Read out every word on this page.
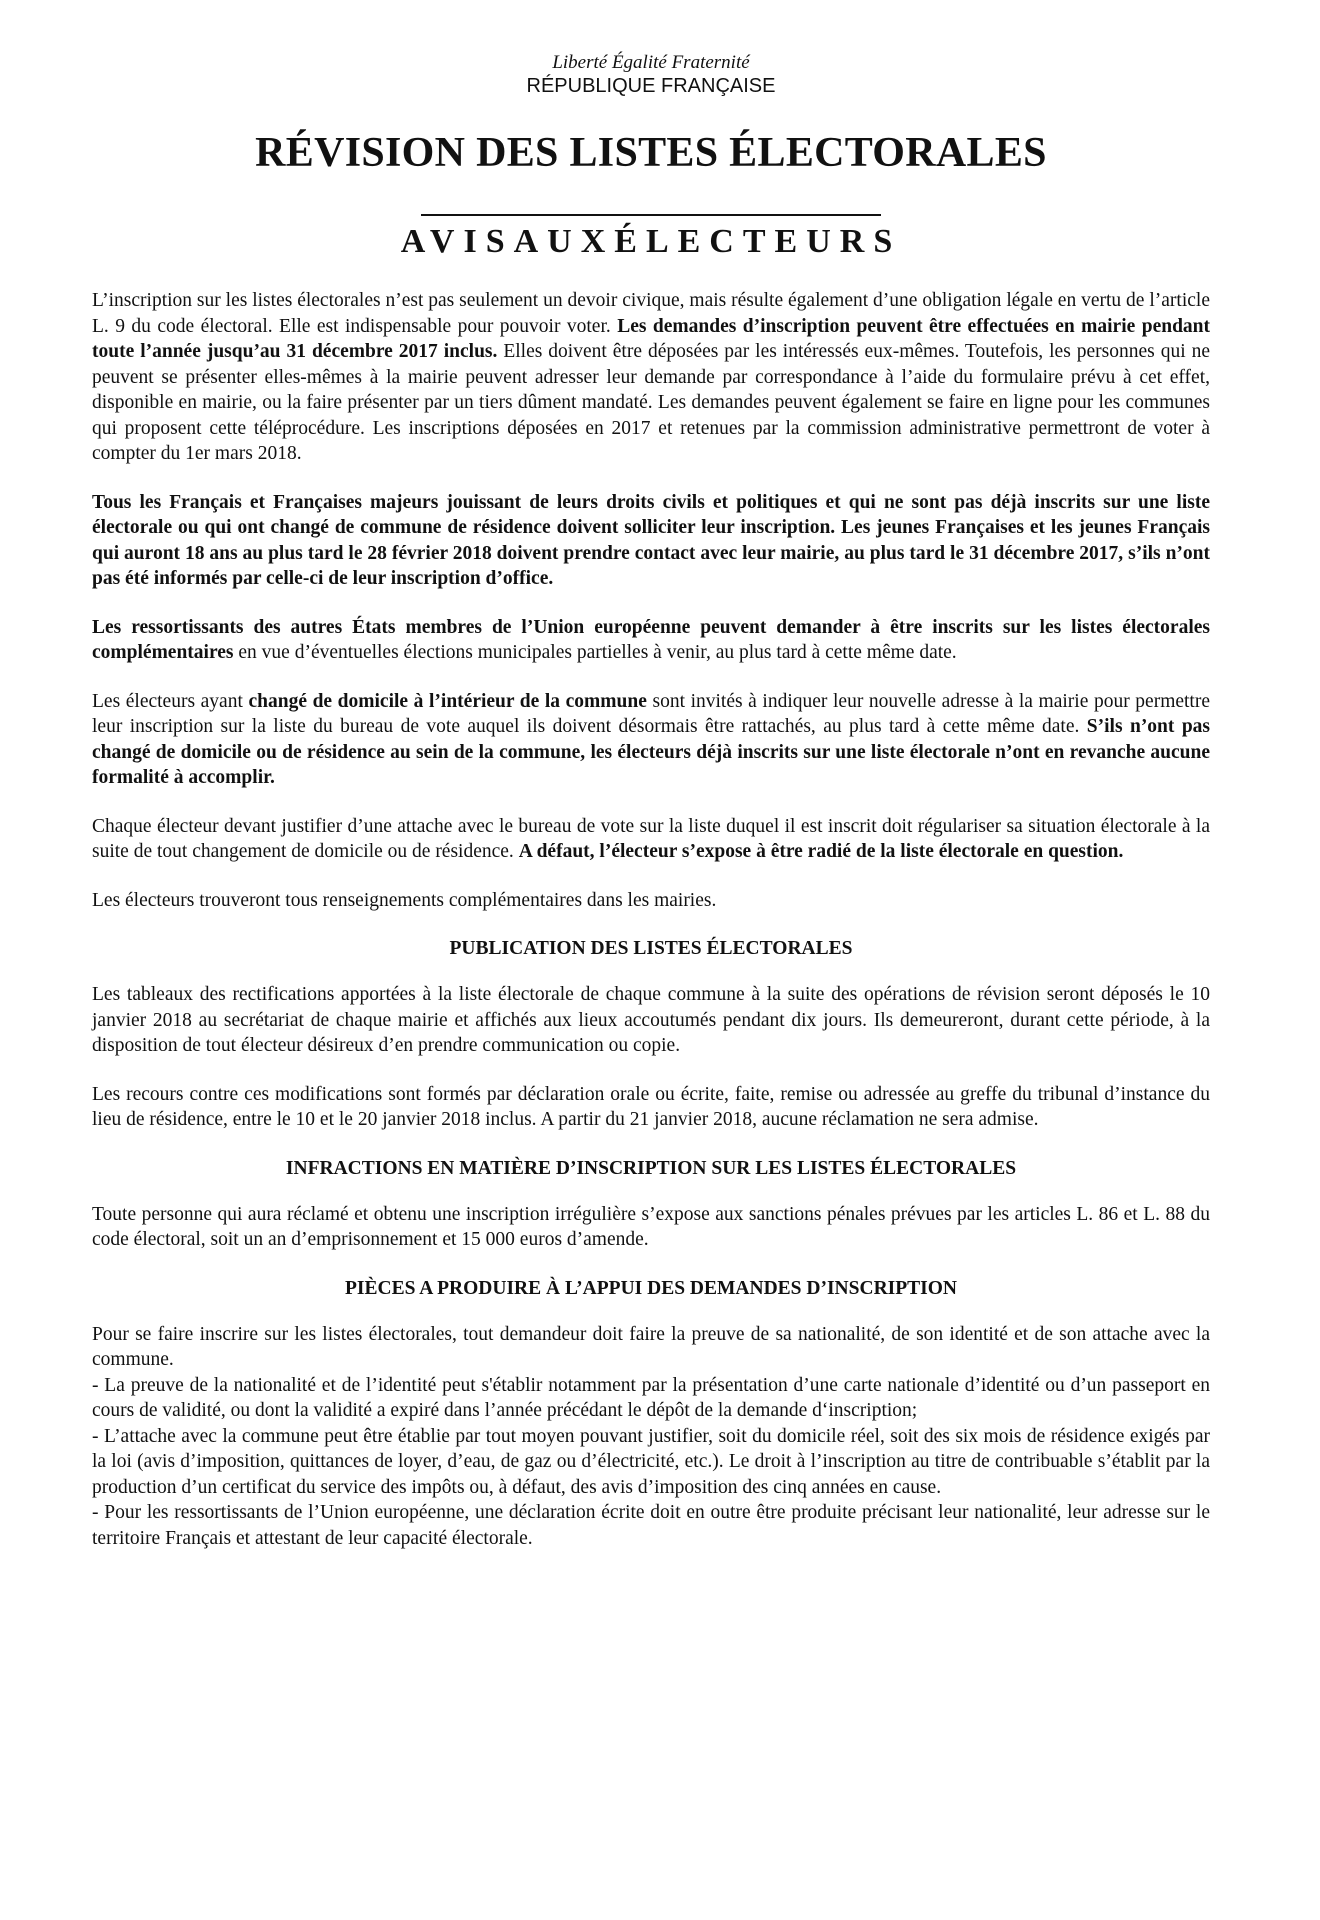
Liberté Égalité Fraternité

RÉPUBLIQUE FRANÇAISE

RÉVISION DES LISTES ÉLECTORALES
AVISAUXÉLECTEURS

L’inscription sur les listes électorales n’est pas seulement un devoir civique, mais résulte également d’une obligation légale en vertu de l’article L. 9 du code électoral. Elle est indispensable pour pouvoir voter. Les demandes d’inscription peuvent être effectuées en mairie pendant toute l’année jusqu’au 31 décembre 2017 inclus. Elles doivent être déposées par les intéressés eux-mêmes. Toutefois, les personnes qui ne peuvent se présenter elles-mêmes à la mairie peuvent adresser leur demande par correspondance à l’aide du formulaire prévu à cet effet, disponible en mairie, ou la faire présenter par un tiers dûment mandaté. Les demandes peuvent également se faire en ligne pour les communes qui proposent cette téléprocédure. Les inscriptions déposées en 2017 et retenues par la commission administrative permettront de voter à compter du 1er mars 2018.

Tous les Français et Françaises majeurs jouissant de leurs droits civils et politiques et qui ne sont pas déjà inscrits sur une liste électorale ou qui ont changé de commune de résidence doivent solliciter leur inscription. Les jeunes Françaises et les jeunes Français qui auront 18 ans au plus tard le 28 février 2018 doivent prendre contact avec leur mairie, au plus tard le 31 décembre 2017, s’ils n’ont pas été informés par celle-ci de leur inscription d’office.

Les ressortissants des autres États membres de l’Union européenne peuvent demander à être inscrits sur les listes électorales complémentaires en vue d’éventuelles élections municipales partielles à venir, au plus tard à cette même date.

Les électeurs ayant changé de domicile à l’intérieur de la commune sont invités à indiquer leur nouvelle adresse à la mairie pour permettre leur inscription sur la liste du bureau de vote auquel ils doivent désormais être rattachés, au plus tard à cette même date. S’ils n’ont pas changé de domicile ou de résidence au sein de la commune, les électeurs déjà inscrits sur une liste électorale n’ont en revanche aucune formalité à accomplir.

Chaque électeur devant justifier d’une attache avec le bureau de vote sur la liste duquel il est inscrit doit régulariser sa situation électorale à la suite de tout changement de domicile ou de résidence. A défaut, l’électeur s’expose à être radié de la liste électorale en question.

Les électeurs trouveront tous renseignements complémentaires dans les mairies.

PUBLICATION DES LISTES ÉLECTORALES

Les tableaux des rectifications apportées à la liste électorale de chaque commune à la suite des opérations de révision seront déposés le 10 janvier 2018 au secrétariat de chaque mairie et affichés aux lieux accoutumés pendant dix jours. Ils demeureront, durant cette période, à la disposition de tout électeur désireux d’en prendre communication ou copie.

Les recours contre ces modifications sont formés par déclaration orale ou écrite, faite, remise ou adressée au greffe du tribunal d’instance du lieu de résidence, entre le 10 et le 20 janvier 2018 inclus. A partir du 21 janvier 2018, aucune réclamation ne sera admise.

INFRACTIONS EN MATIÈRE D’INSCRIPTION SUR LES LISTES ÉLECTORALES

Toute personne qui aura réclamé et obtenu une inscription irrégulière s’expose aux sanctions pénales prévues par les articles L. 86 et L. 88 du code électoral, soit un an d’emprisonnement et 15 000 euros d’amende.

PIÈCES A PRODUIRE À L’APPUI DES DEMANDES D’INSCRIPTION

Pour se faire inscrire sur les listes électorales, tout demandeur doit faire la preuve de sa nationalité, de son identité et de son attache avec la commune.

- La preuve de la nationalité et de l’identité peut s'établir notamment par la présentation d’une carte nationale d’identité ou d’un passeport en cours de validité, ou dont la validité a expiré dans l’année précédant le dépôt de la demande d‘inscription;

- L’attache avec la commune peut être établie par tout moyen pouvant justifier, soit du domicile réel, soit des six mois de résidence exigés par la loi (avis d’imposition, quittances de loyer, d’eau, de gaz ou d’électricité, etc.). Le droit à l’inscription au titre de contribuable s’établit par la production d’un certificat du service des impôts ou, à défaut, des avis d’imposition des cinq années en cause.

- Pour les ressortissants de l’Union européenne, une déclaration écrite doit en outre être produite précisant leur nationalité, leur adresse sur le territoire Français et attestant de leur capacité électorale.
